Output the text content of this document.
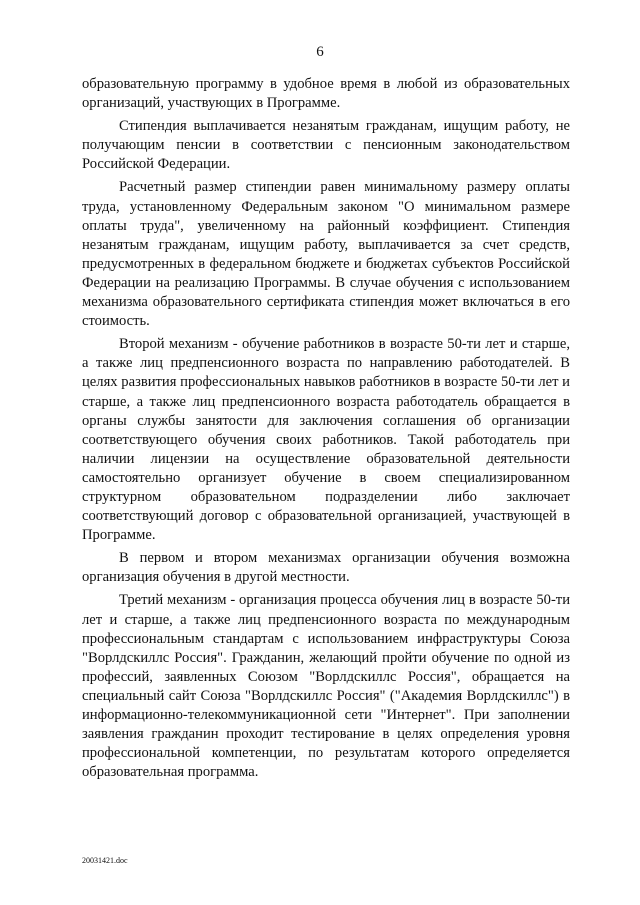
6

образовательную программу в удобное время в любой из образовательных организаций, участвующих в Программе.

Стипендия выплачивается незанятым гражданам, ищущим работу, не получающим пенсии в соответствии с пенсионным законодательством Российской Федерации.

Расчетный размер стипендии равен минимальному размеру оплаты труда, установленному Федеральным законом "О минимальном размере оплаты труда", увеличенному на районный коэффициент. Стипендия незанятым гражданам, ищущим работу, выплачивается за счет средств, предусмотренных в федеральном бюджете и бюджетах субъектов Российской Федерации на реализацию Программы. В случае обучения с использованием механизма образовательного сертификата стипендия может включаться в его стоимость.

Второй механизм - обучение работников в возрасте 50-ти лет и старше, а также лиц предпенсионного возраста по направлению работодателей. В целях развития профессиональных навыков работников в возрасте 50-ти лет и старше, а также лиц предпенсионного возраста работодатель обращается в органы службы занятости для заключения соглашения об организации соответствующего обучения своих работников. Такой работодатель при наличии лицензии на осуществление образовательной деятельности самостоятельно организует обучение в своем специализированном структурном образовательном подразделении либо заключает соответствующий договор с образовательной организацией, участвующей в Программе.

В первом и втором механизмах организации обучения возможна организация обучения в другой местности.

Третий механизм - организация процесса обучения лиц в возрасте 50-ти лет и старше, а также лиц предпенсионного возраста по международным профессиональным стандартам с использованием инфраструктуры Союза "Ворлдскиллс Россия". Гражданин, желающий пройти обучение по одной из профессий, заявленных Союзом "Ворлдскиллс Россия", обращается на специальный сайт Союза "Ворлдскиллс Россия" ("Академия Ворлдскиллс") в информационно-телекоммуникационной сети "Интернет". При заполнении заявления гражданин проходит тестирование в целях определения уровня профессиональной компетенции, по результатам которого определяется образовательная программа.

20031421.doc
